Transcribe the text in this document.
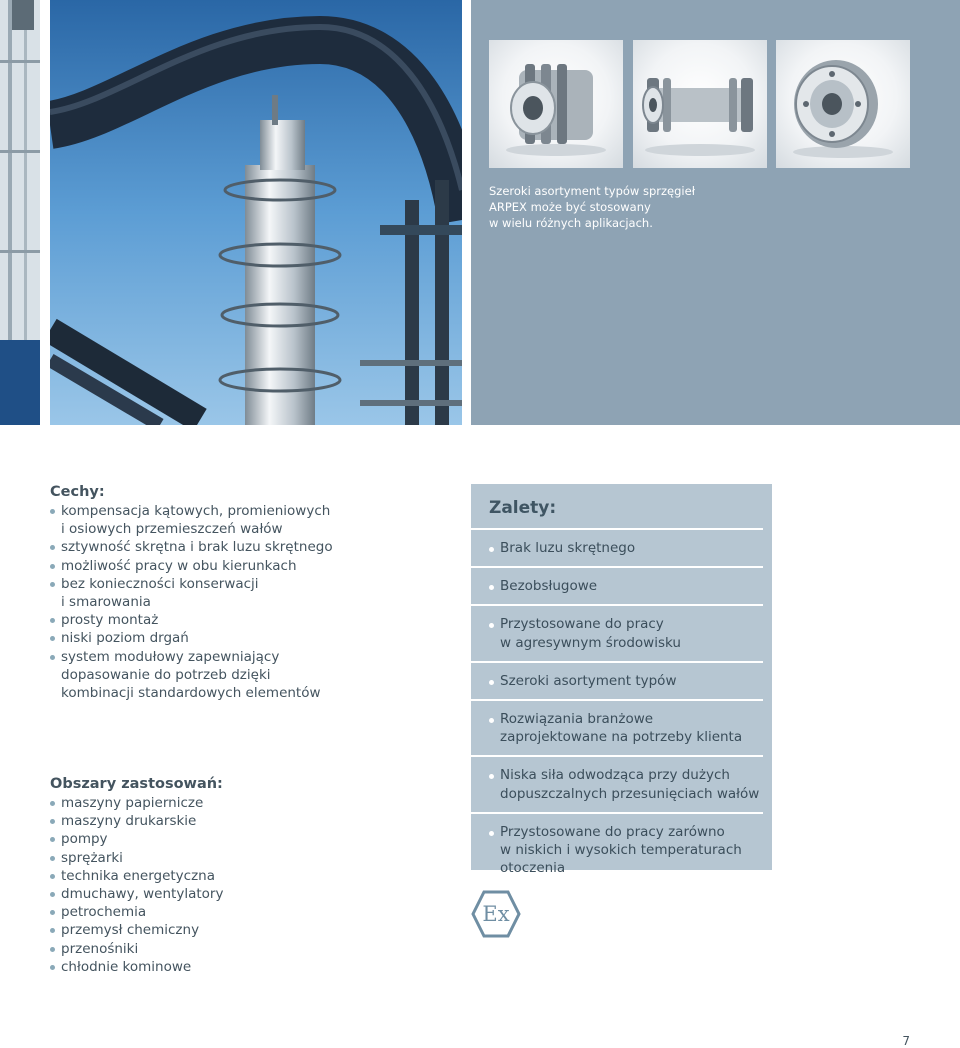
Szeroki asortyment typów sprzęgieł
ARPEX może być stosowany
w wielu różnych aplikacjach.
Cechy:
kompensacja kątowych, promieniowych
i osiowych przemieszczeń wałów
sztywność skrętna i brak luzu skrętnego
możliwość pracy w obu kierunkach
bez konieczności konserwacji
i smarowania
prosty montaż
niski poziom drgań
system modułowy zapewniający
dopasowanie do potrzeb dzięki
kombinacji standardowych elementów
Obszary zastosowań:
maszyny papiernicze
maszyny drukarskie
pompy
sprężarki
technika energetyczna
dmuchawy, wentylatory
petrochemia
przemysł chemiczny
przenośniki
chłodnie kominowe
Zalety:
Brak luzu skrętnego
Bezobsługowe
Przystosowane do pracy
w agresywnym środowisku
Szeroki asortyment typów
Rozwiązania branżowe
zaprojektowane na potrzeby klienta
Niska siła odwodząca przy dużych
dopuszczalnych przesunięciach wałów
Przystosowane do pracy zarówno
w niskich i wysokich temperaturach
otoczenia
Ex
7
